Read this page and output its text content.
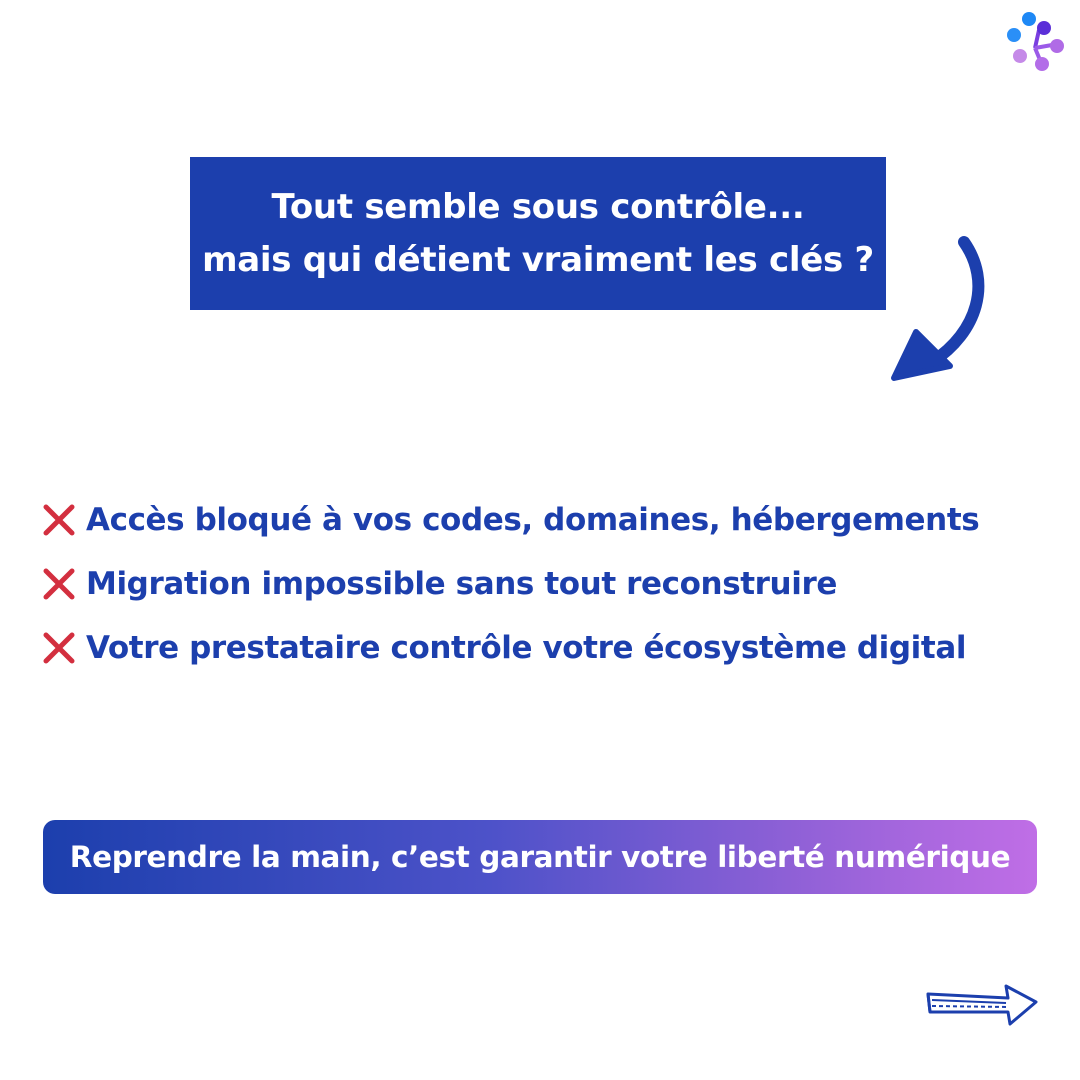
Tout semble sous contrôle...
mais qui détient vraiment les clés ?
Accès bloqué à vos codes, domaines, hébergements
Migration impossible sans tout reconstruire
Votre prestataire contrôle votre écosystème digital
Reprendre la main, c’est garantir votre liberté numérique
